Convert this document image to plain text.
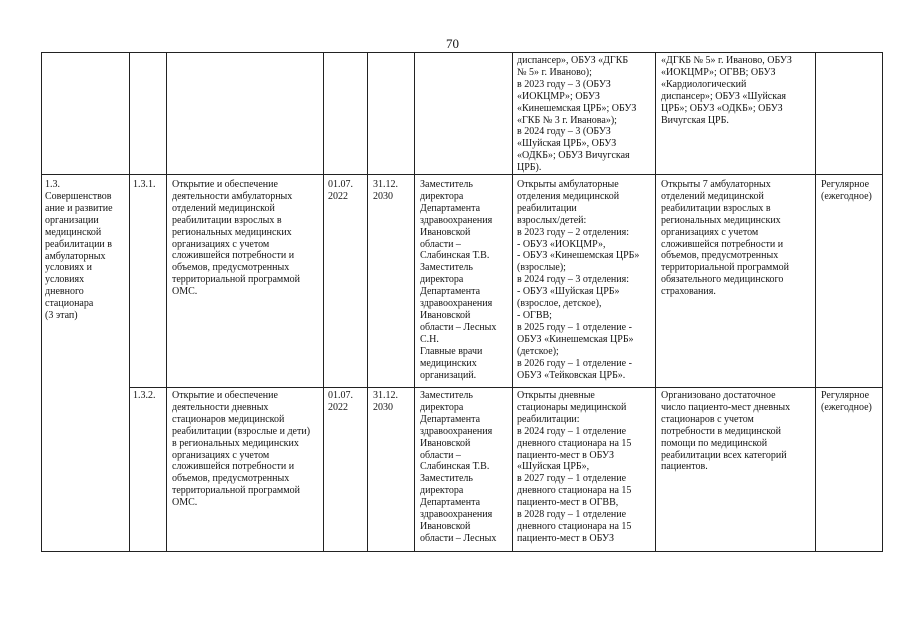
70
диспансер», ОБУЗ «ДГКБ
№ 5» г. Иваново);
в 2023 году – 3 (ОБУЗ
«ИОКЦМР»; ОБУЗ
«Кинешемская ЦРБ»; ОБУЗ
«ГКБ № 3 г. Иванова»);
в 2024 году – 3 (ОБУЗ
«Шуйская ЦРБ», ОБУЗ
«ОДКБ»; ОБУЗ Вичугская
ЦРБ).
«ДГКБ № 5» г. Иваново, ОБУЗ
«ИОКЦМР»; ОГВВ; ОБУЗ
«Кардиологический
диспансер»; ОБУЗ «Шуйская
ЦРБ»; ОБУЗ «ОДКБ»; ОБУЗ
Вичугская ЦРБ.
1.3.
Совершенствов
ание и развитие
организации
медицинской
реабилитации в
амбулаторных
условиях и
условиях
дневного
стационара
(3 этап)
1.3.1.	Открытие и обеспечение
деятельности амбулаторных
отделений медицинской
реабилитации взрослых в
региональных медицинских
организациях с учетом
сложившейся потребности и
объемов, предусмотренных
территориальной программой
ОМС.
01.07.
2022
31.12.
2030
Заместитель
директора
Департамента
здравоохранения
Ивановской
области –
Слабинская Т.В.
Заместитель
директора
Департамента
здравоохранения
Ивановской
области – Лесных
С.Н.
Главные врачи
медицинских
организаций.
Открыты амбулаторные
отделения медицинской
реабилитации
взрослых/детей:
в 2023 году – 2 отделения:
- ОБУЗ «ИОКЦМР»,
- ОБУЗ «Кинешемская ЦРБ»
(взрослые);
в 2024 году – 3 отделения:
- ОБУЗ «Шуйская ЦРБ»
(взрослое, детское),
- ОГВВ;
в 2025 году – 1 отделение -
ОБУЗ «Кинешемская ЦРБ»
(детское);
в 2026 году – 1 отделение -
ОБУЗ «Тейковская ЦРБ».
Открыты 7 амбулаторных
отделений медицинской
реабилитации взрослых в
региональных медицинских
организациях с учетом
сложившейся потребности и
объемов, предусмотренных
территориальной программой
обязательного медицинского
страхования.
Регулярное
(ежегодное)
1.3.2.	Открытие и обеспечение
деятельности дневных
стационаров медицинской
реабилитации (взрослые и дети)
в региональных медицинских
организациях с учетом
сложившейся потребности и
объемов, предусмотренных
территориальной программой
ОМС.
01.07.
2022
31.12.
2030
Заместитель
директора
Департамента
здравоохранения
Ивановской
области –
Слабинская Т.В.
Заместитель
директора
Департамента
здравоохранения
Ивановской
области – Лесных
Открыты дневные
стационары медицинской
реабилитации:
в 2024 году – 1 отделение
дневного стационара на 15
пациенто-мест в ОБУЗ
«Шуйская ЦРБ»,
в 2027 году – 1 отделение
дневного стационара на 15
пациенто-мест в ОГВВ,
в 2028 году – 1 отделение
дневного стационара на 15
пациенто-мест в ОБУЗ
Организовано достаточное
число пациенто-мест дневных
стационаров с учетом
потребности в медицинской
помощи по медицинской
реабилитации всех категорий
пациентов.
Регулярное
(ежегодное)
